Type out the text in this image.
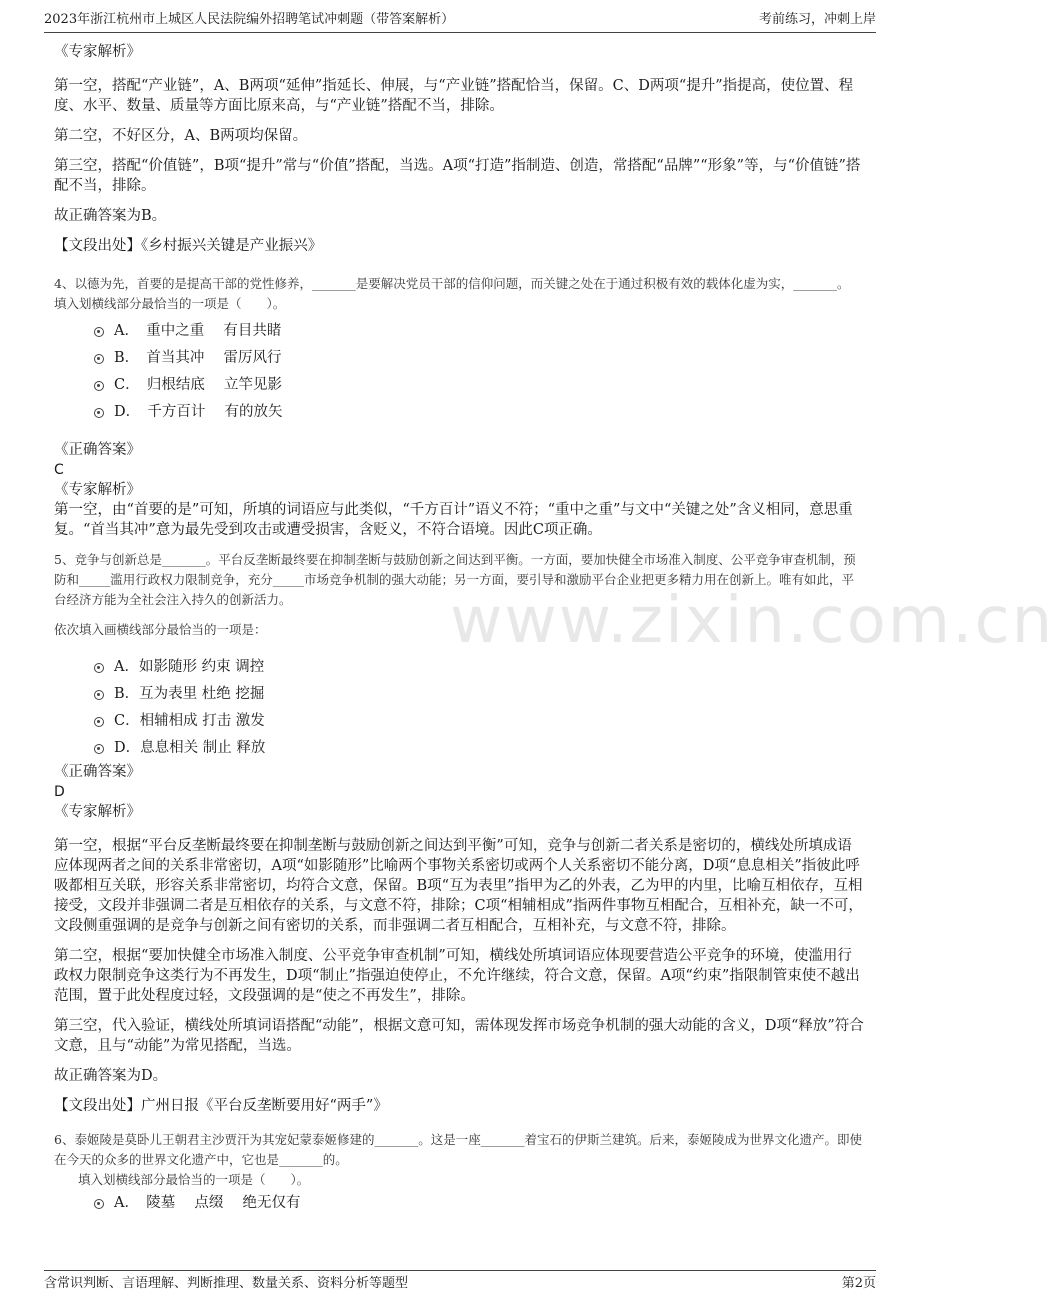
2023年浙江杭州市上城区人民法院编外招聘笔试冲刺题（带答案解析）	考前练习，冲刺上岸
www.zixin.com.cn

《专家解析》

第一空，搭配“产业链”，A、B两项“延伸”指延长、伸展，与“产业链”搭配恰当，保留。C、D两项“提升”指提高，使位置、程度、水平、数量、质量等方面比原来高，与“产业链”搭配不当，排除。

第二空，不好区分，A、B两项均保留。

第三空，搭配“价值链”，B项“提升”常与“价值”搭配，当选。A项“打造”指制造、创造，常搭配“品牌”“形象”等，与“价值链”搭配不当，排除。

故正确答案为B。

【文段出处】《乡村振兴关键是产业振兴》

4、以德为先，首要的是提高干部的党性修养，_______是要解决党员干部的信仰问题，而关键之处在于通过积极有效的载体化虚为实，_______。

填入划横线部分最恰当的一项是（　　）。

A．　重中之重　 有目共睹
B．　首当其冲　 雷厉风行
C．　归根结底　 立竿见影
D．　千方百计　 有的放矢

《正确答案》

C

《专家解析》

第一空，由“首要的是”可知，所填的词语应与此类似，“千方百计”语义不符；“重中之重”与文中“关键之处”含义相同，意思重复。“首当其冲”意为最先受到攻击或遭受损害，含贬义，不符合语境。因此C项正确。

5、竞争与创新总是_______。平台反垄断最终要在抑制垄断与鼓励创新之间达到平衡。一方面，要加快健全市场准入制度、公平竞争审查机制，预防和_____滥用行政权力限制竞争，充分_____市场竞争机制的强大动能；另一方面，要引导和激励平台企业把更多精力用在创新上。唯有如此，平台经济方能为全社会注入持久的创新活力。

依次填入画横线部分最恰当的一项是：

A．如影随形 约束 调控
B．互为表里 杜绝 挖掘
C．相辅相成 打击 激发
D．息息相关 制止 释放

《正确答案》

D

《专家解析》

第一空，根据“平台反垄断最终要在抑制垄断与鼓励创新之间达到平衡”可知，竞争与创新二者关系是密切的，横线处所填成语应体现两者之间的关系非常密切，A项“如影随形”比喻两个事物关系密切或两个人关系密切不能分离，D项“息息相关”指彼此呼吸都相互关联，形容关系非常密切，均符合文意，保留。B项“互为表里”指甲为乙的外表，乙为甲的内里，比喻互相依存，互相接受，文段并非强调二者是互相依存的关系，与文意不符，排除；C项“相辅相成”指两件事物互相配合，互相补充，缺一不可，文段侧重强调的是竞争与创新之间有密切的关系，而非强调二者互相配合，互相补充，与文意不符，排除。

第二空，根据“要加快健全市场准入制度、公平竞争审查机制”可知，横线处所填词语应体现要营造公平竞争的环境，使滥用行政权力限制竞争这类行为不再发生，D项“制止”指强迫使停止，不允许继续，符合文意，保留。A项“约束”指限制管束使不越出范围，置于此处程度过轻，文段强调的是“使之不再发生”，排除。

第三空，代入验证，横线处所填词语搭配“动能”，根据文意可知，需体现发挥市场竞争机制的强大动能的含义，D项“释放”符合文意，且与“动能”为常见搭配，当选。

故正确答案为D。

【文段出处】广州日报《平台反垄断要用好“两手”》

6、泰姬陵是莫卧儿王朝君主沙贾汗为其宠妃蒙泰姬修建的_______。这是一座_______着宝石的伊斯兰建筑。后来，泰姬陵成为世界文化遗产。即使在今天的众多的世界文化遗产中，它也是_______的。

填入划横线部分最恰当的一项是（　　）。

A．　陵墓　 点缀　 绝无仅有
含常识判断、言语理解、判断推理、数量关系、资料分析等题型	第2页
